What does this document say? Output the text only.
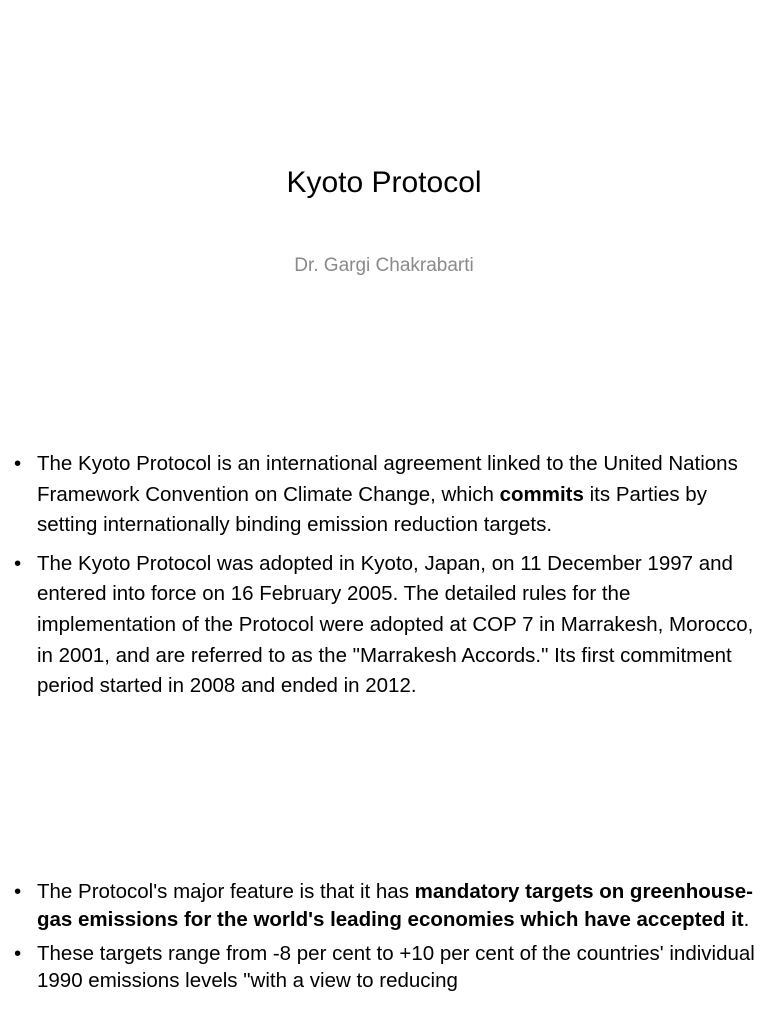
Kyoto Protocol
Dr. Gargi Chakrabarti
• The Kyoto Protocol is an international agreement linked to the United Nations Framework Convention on Climate Change, which commits its Parties by setting internationally binding emission reduction targets.
• The Kyoto Protocol was adopted in Kyoto, Japan, on 11 December 1997 and entered into force on 16 February 2005. The detailed rules for the implementation of the Protocol were adopted at COP 7 in Marrakesh, Morocco, in 2001, and are referred to as the "Marrakesh Accords." Its first commitment period started in 2008 and ended in 2012.
• The Protocol's major feature is that it has mandatory targets on greenhouse-gas emissions for the world's leading economies which have accepted it.
• These targets range from -8 per cent to +10 per cent of the countries' individual 1990 emissions levels "with a view to reducing
